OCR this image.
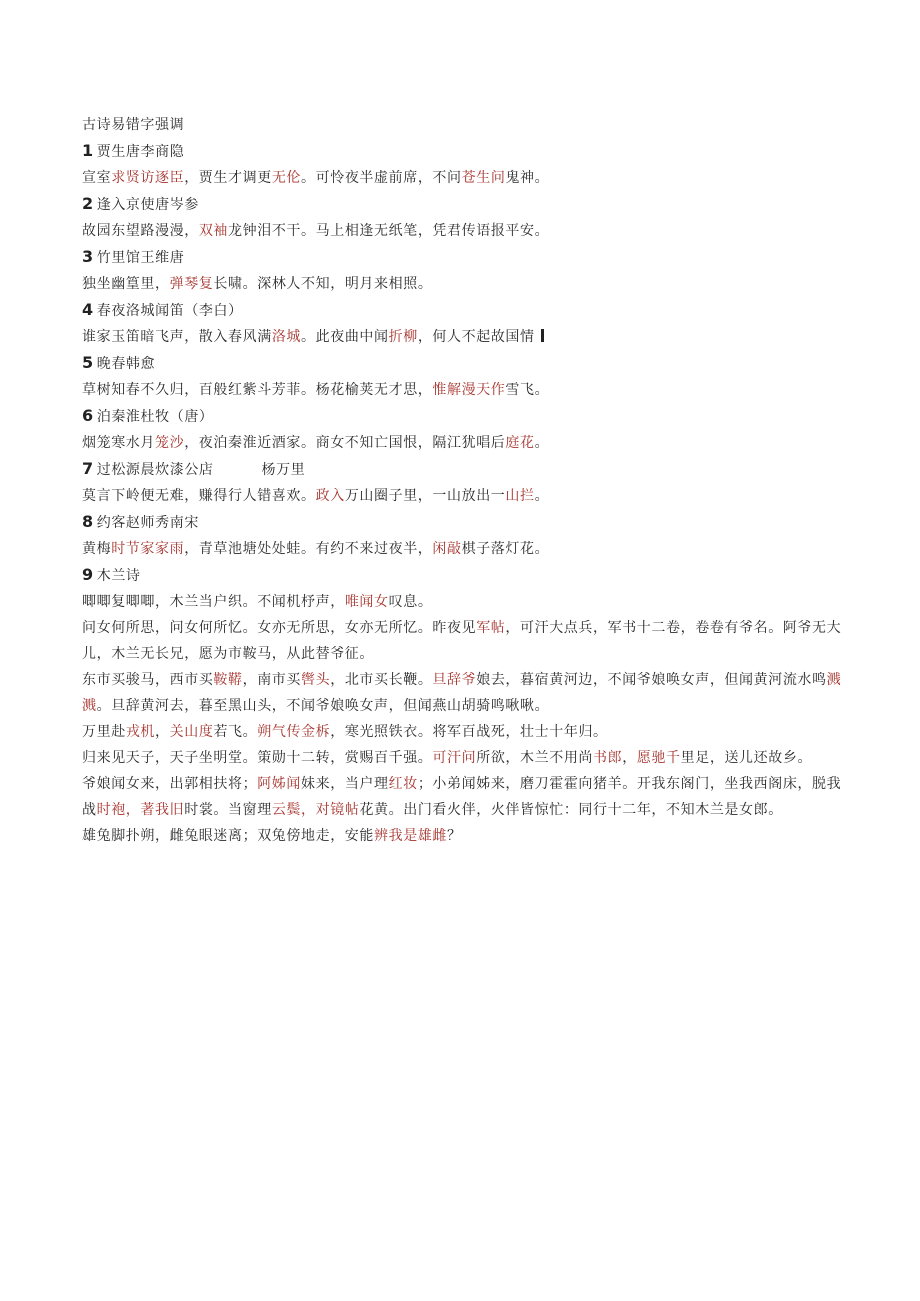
古诗易错字强调
1 贾生唐李商隐
宣室求贤访逐臣，贾生才调更无伦。可怜夜半虚前席，不问苍生问鬼神。
2 逢入京使唐岑参
故园东望路漫漫，双袖龙钟泪不干。马上相逢无纸笔，凭君传语报平安。
3 竹里馆王维唐
独坐幽篁里，弹琴复长啸。深林人不知，明月来相照。
4 春夜洛城闻笛（李白）
谁家玉笛暗飞声，散入春风满洛城。此夜曲中闻折柳，何人不起故国情
5 晚春韩愈
草树知春不久归，百般红紫斗芳菲。杨花榆荚无才思，惟解漫天作雪飞。
6 泊秦淮杜牧（唐）
烟笼寒水月笼沙，夜泊秦淮近酒家。商女不知亡国恨，隔江犹唱后庭花。
7 过松源晨炊漆公店	杨万里
莫言下岭便无难，赚得行人错喜欢。政入万山圈子里，一山放出一山拦。
8 约客赵师秀南宋
黄梅时节家家雨，青草池塘处处蛙。有约不来过夜半，闲敲棋子落灯花。
9 木兰诗
唧唧复唧唧，木兰当户织。不闻机杼声，唯闻女叹息。
问女何所思，问女何所忆。女亦无所思，女亦无所忆。昨夜见军帖，可汗大点兵，军书十二卷，卷卷有爷名。阿爷无大儿，木兰无长兄，愿为市鞍马，从此替爷征。
东市买骏马，西市买鞍鞯，南市买辔头，北市买长鞭。旦辞爷娘去，暮宿黄河边，不闻爷娘唤女声，但闻黄河流水鸣溅溅。旦辞黄河去，暮至黑山头，不闻爷娘唤女声，但闻燕山胡骑鸣啾啾。
万里赴戎机，关山度若飞。朔气传金柝，寒光照铁衣。将军百战死，壮士十年归。
归来见天子，天子坐明堂。策勋十二转，赏赐百千强。可汗问所欲，木兰不用尚书郎，愿驰千里足，送儿还故乡。
爷娘闻女来，出郭相扶将；阿姊闻妹来，当户理红妆；小弟闻姊来，磨刀霍霍向猪羊。开我东阁门，坐我西阁床，脱我战时袍，著我旧时裳。当窗理云鬓，对镜帖花黄。出门看火伴，火伴皆惊忙：同行十二年，不知木兰是女郎。
雄兔脚扑朔，雌兔眼迷离；双兔傍地走，安能辨我是雄雌？
